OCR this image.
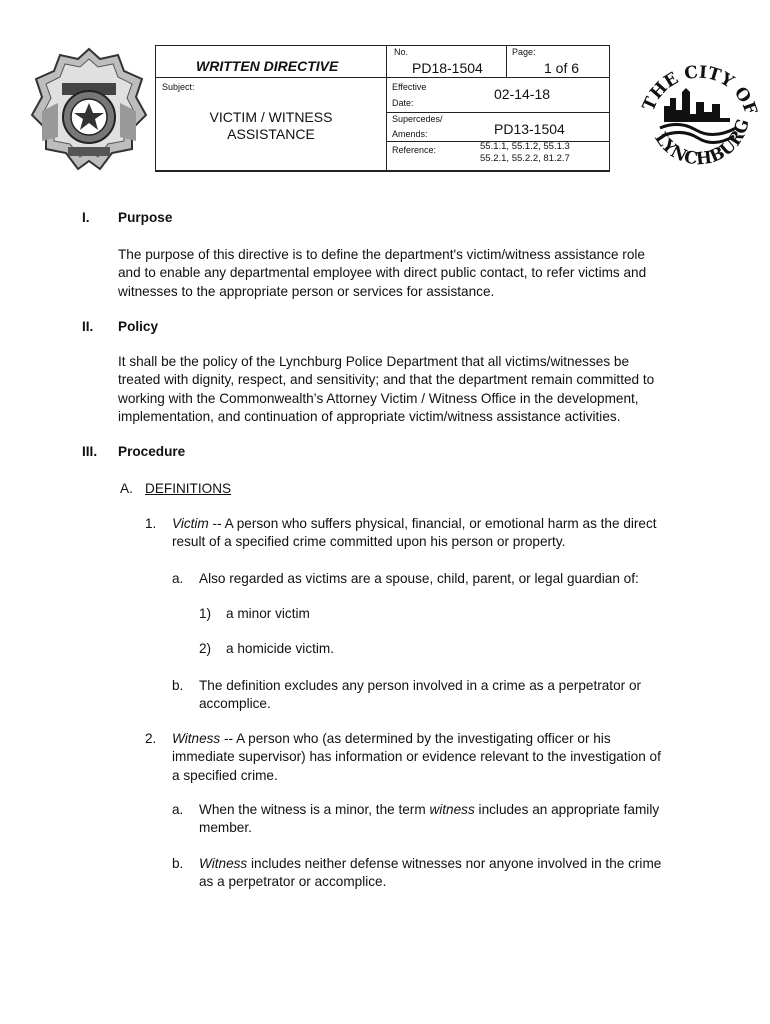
THE CITY OF
LYNCHBURG
WRITTEN DIRECTIVE
No.
PD18-1504
Page:
1 of 6
Subject:
VICTIM / WITNESS
ASSISTANCE
Effective
Date:
02-14-18
Supercedes/
Amends:	PD13-1504
Reference:	55.1.1, 55.1.2, 55.1.3
55.2.1, 55.2.2, 81.2.7
I. Purpose
The purpose of this directive is to define the department's victim/witness assistance role
and to enable any departmental employee with direct public contact, to refer victims and
witnesses to the appropriate person or services for assistance.
II. Policy
It shall be the policy of the Lynchburg Police Department that all victims/witnesses be
treated with dignity, respect, and sensitivity; and that the department remain committed to
working with the Commonwealth’s Attorney Victim / Witness Office in the development,
implementation, and continuation of appropriate victim/witness assistance activities.
III. Procedure
A. DEFINITIONS
1. Victim -- A person who suffers physical, financial, or emotional harm as the direct
result of a specified crime committed upon his person or property.
a. Also regarded as victims are a spouse, child, parent, or legal guardian of:
1) a minor victim
2) a homicide victim.
b. The definition excludes any person involved in a crime as a perpetrator or
accomplice.
2. Witness -- A person who (as determined by the investigating officer or his
immediate supervisor) has information or evidence relevant to the investigation of
a specified crime.
a. When the witness is a minor, the term witness includes an appropriate family
member.
b. Witness includes neither defense witnesses nor anyone involved in the crime
as a perpetrator or accomplice.
